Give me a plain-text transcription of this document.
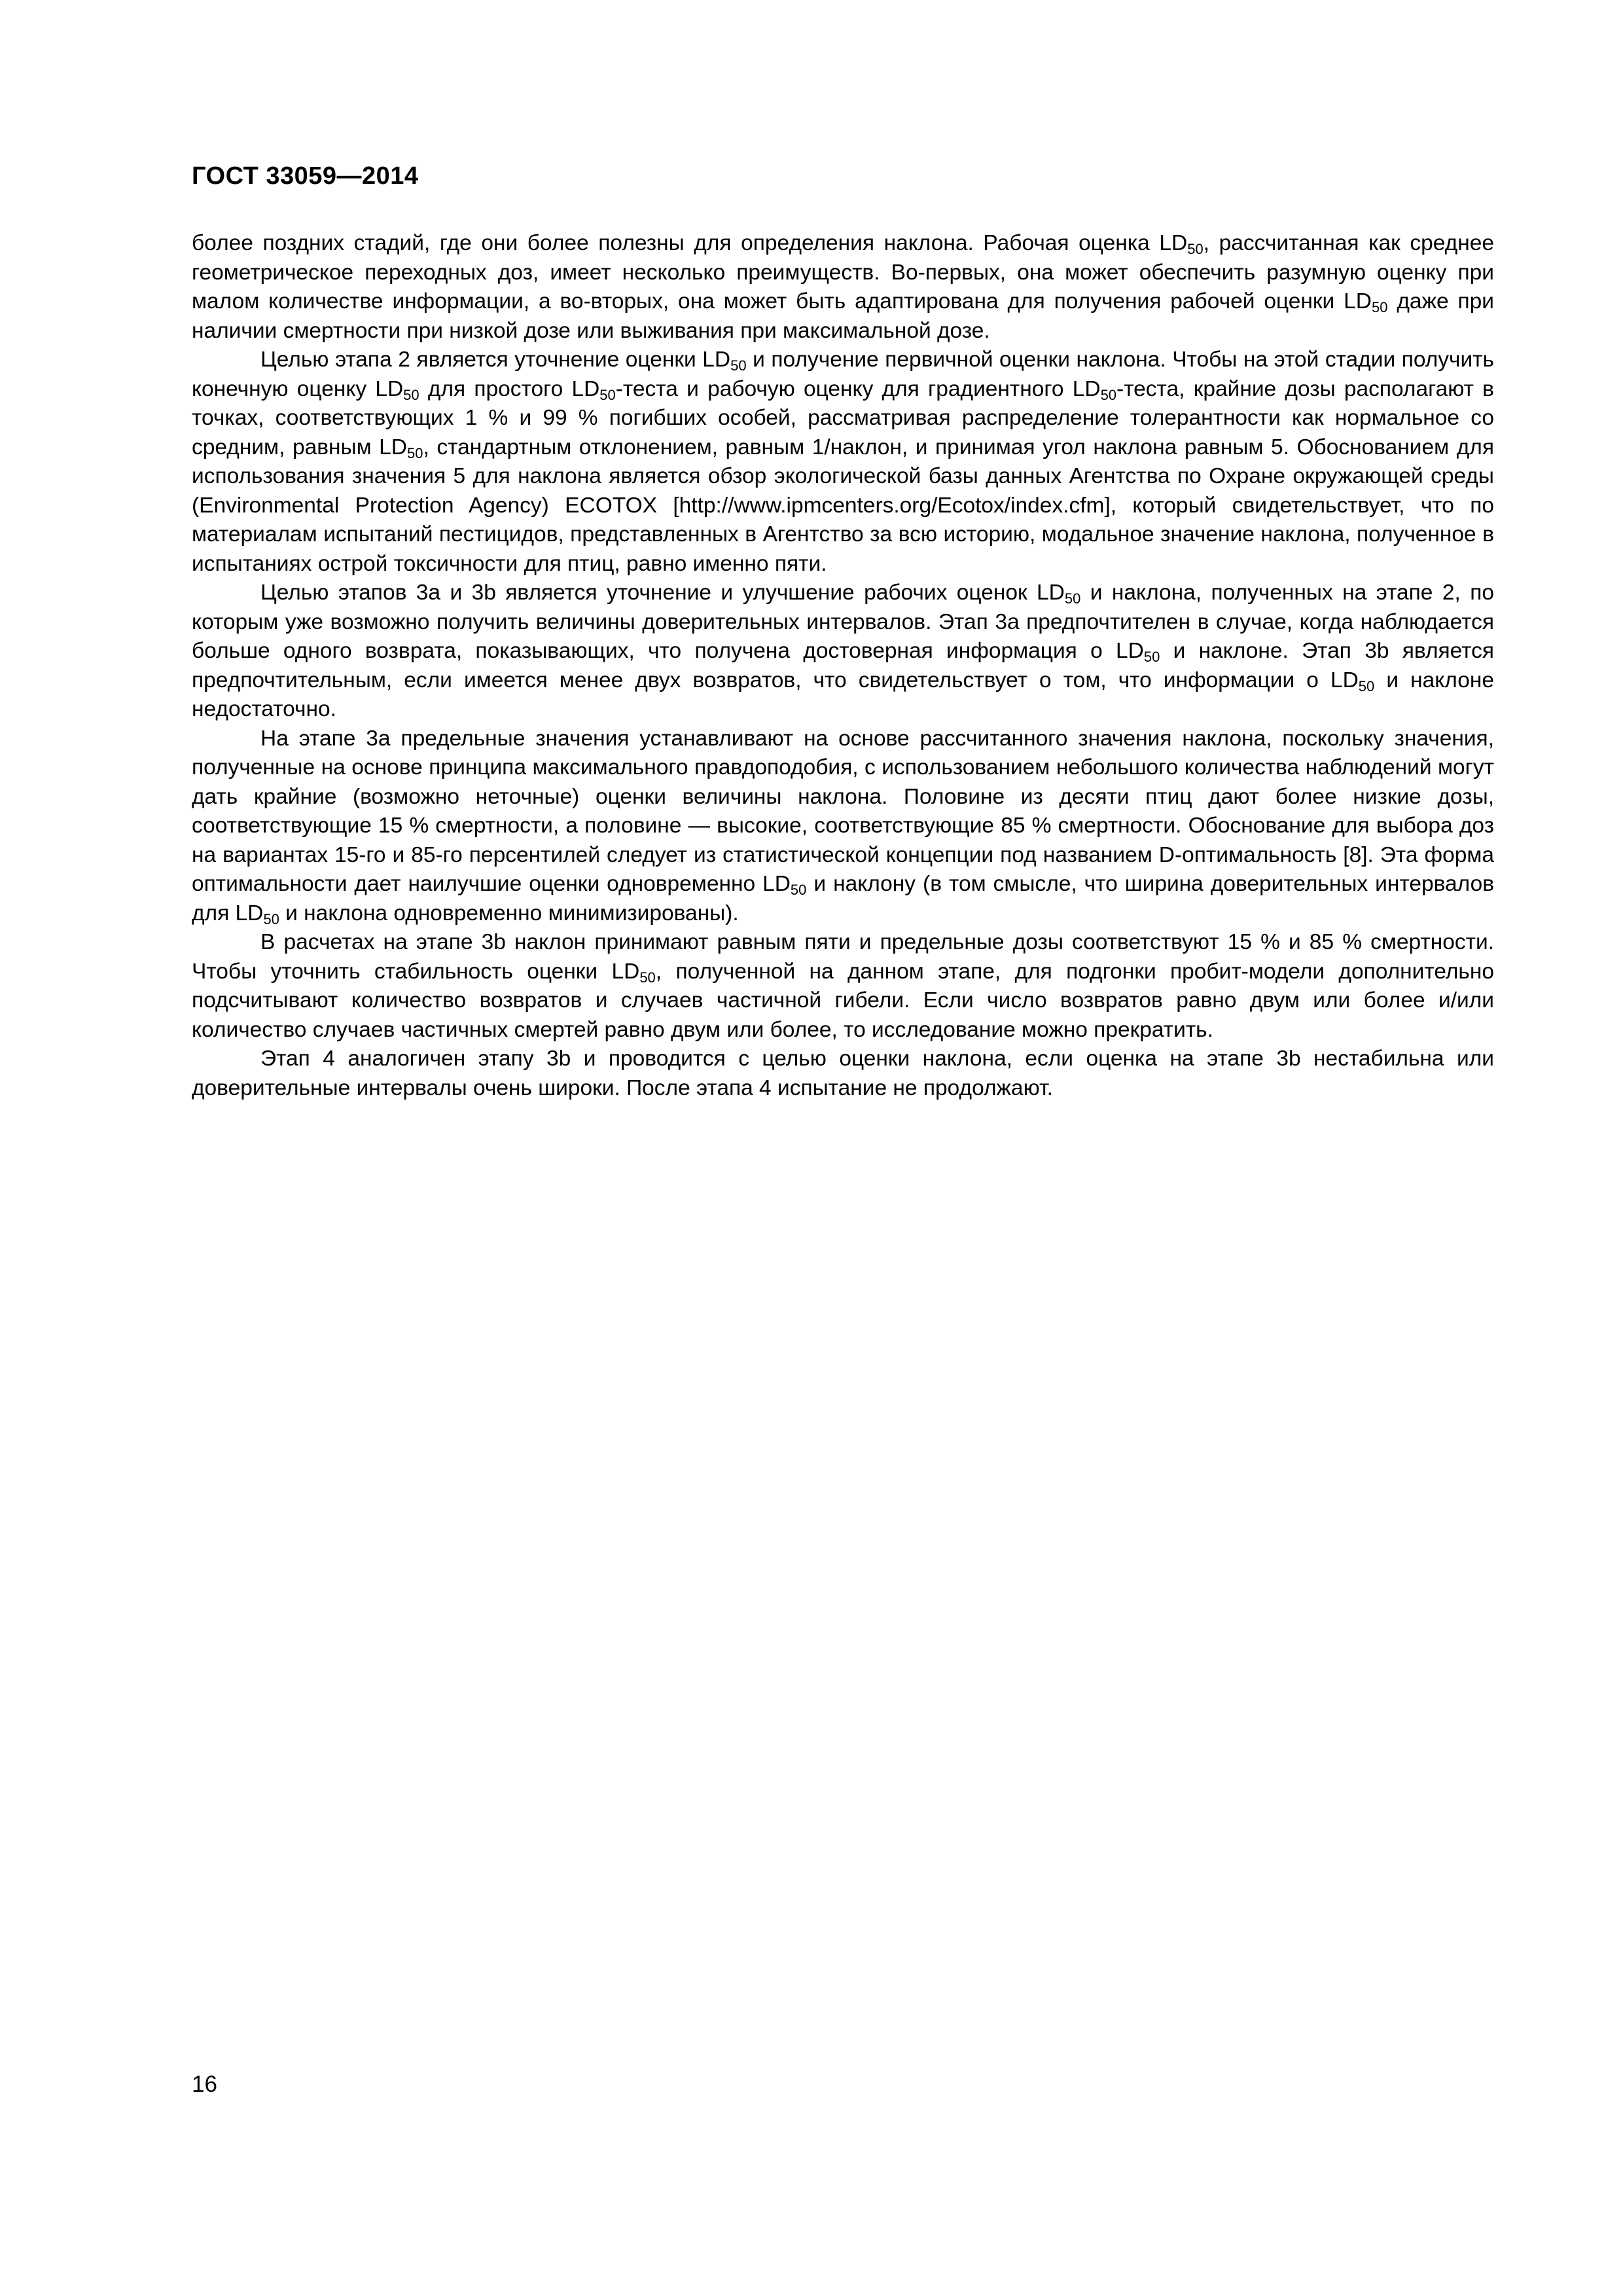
ГОСТ 33059—2014

более поздних стадий, где они более полезны для определения наклона. Рабочая оценка $LD_{50}$, рассчитанная как среднее геометрическое переходных доз, имеет несколько преимуществ. Во-первых, она может обеспечить разумную оценку при малом количестве информации, а во-вторых, она может быть адаптирована для получения рабочей оценки $LD_{50}$ даже при наличии смертности при низкой дозе или выживания при максимальной дозе.

Целью этапа 2 является уточнение оценки $LD_{50}$ и получение первичной оценки наклона. Чтобы на этой стадии получить конечную оценку $LD_{50}$ для простого $LD_{50}$-теста и рабочую оценку для градиентного $LD_{50}$-теста, крайние дозы располагают в точках, соответствующих 1 % и 99 % погибших особей, рассматривая распределение толерантности как нормальное со средним, равным $LD_{50}$, стандартным отклонением, равным 1/наклон, и принимая угол наклона равным 5. Обоснованием для использования значения 5 для наклона является обзор экологической базы данных Агентства по Охране окружающей среды (Environmental Protection Agency) ECOTOX [http://www.ipmcenters.org/Ecotox/index.cfm], который свидетельствует, что по материалам испытаний пестицидов, представленных в Агентство за всю историю, модальное значение наклона, полученное в испытаниях острой токсичности для птиц, равно именно пяти.

Целью этапов 3а и 3b является уточнение и улучшение рабочих оценок $LD_{50}$ и наклона, полученных на этапе 2, по которым уже возможно получить величины доверительных интервалов. Этап 3а предпочтителен в случае, когда наблюдается больше одного возврата, показывающих, что получена достоверная информация о $LD_{50}$ и наклоне. Этап 3b является предпочтительным, если имеется менее двух возвратов, что свидетельствует о том, что информации о $LD_{50}$ и наклоне недостаточно.

На этапе 3а предельные значения устанавливают на основе рассчитанного значения наклона, поскольку значения, полученные на основе принципа максимального правдоподобия, с использованием небольшого количества наблюдений могут дать крайние (возможно неточные) оценки величины наклона. Половине из десяти птиц дают более низкие дозы, соответствующие 15 % смертности, а половине — высокие, соответствующие 85 % смертности. Обоснование для выбора доз на вариантах 15-го и 85-го персентилей следует из статистической концепции под названием D-оптимальность [8]. Эта форма оптимальности дает наилучшие оценки одновременно $LD_{50}$ и наклону (в том смысле, что ширина доверительных интервалов для $LD_{50}$ и наклона одновременно минимизированы).

В расчетах на этапе 3b наклон принимают равным пяти и предельные дозы соответствуют 15 % и 85 % смертности. Чтобы уточнить стабильность оценки $LD_{50}$, полученной на данном этапе, для подгонки пробит-модели дополнительно подсчитывают количество возвратов и случаев частичной гибели. Если число возвратов равно двум или более и/или количество случаев частичных смертей равно двум или более, то исследование можно прекратить.

Этап 4 аналогичен этапу 3b и проводится с целью оценки наклона, если оценка на этапе 3b нестабильна или доверительные интервалы очень широки. После этапа 4 испытание не продолжают.

16
